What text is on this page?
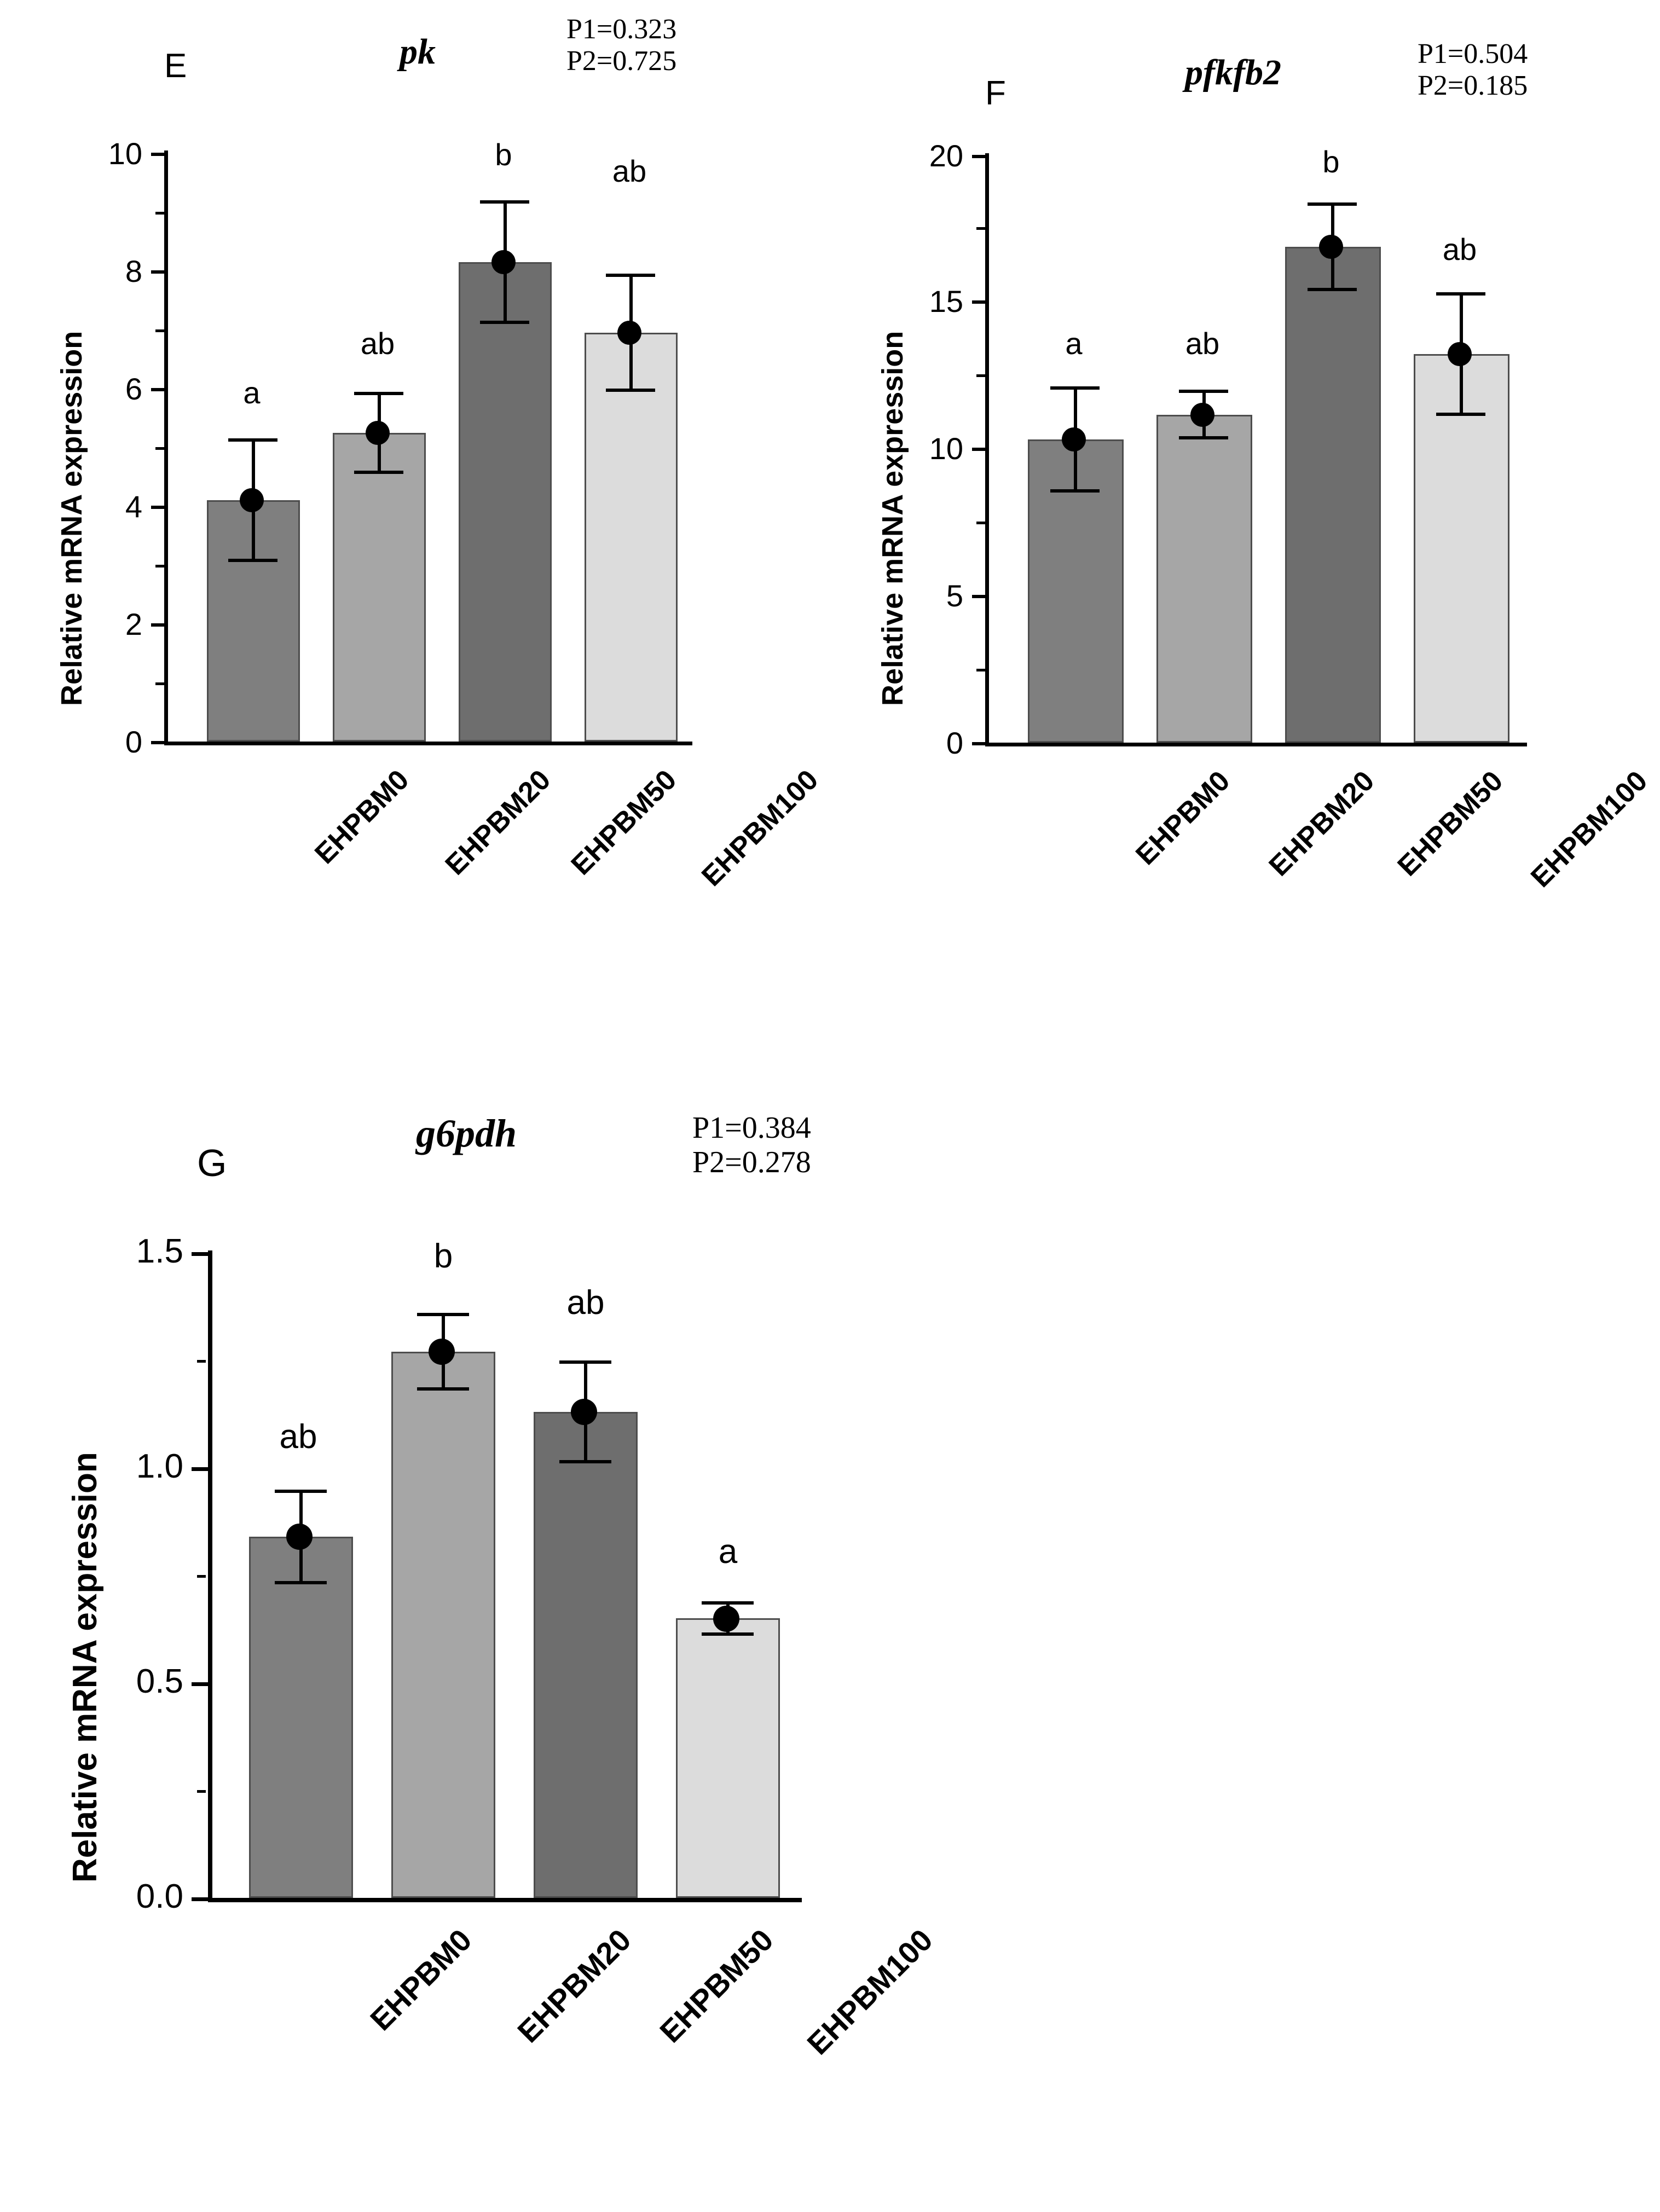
E	pk
P1=0.323
P2=0.725
Relative mRNA expression
0
2
4
6
8
10
a
ab
b	ab
EHPBM0 EHPBM20 EHPBM50 EHPBM100
F
pfkfb2	P1=0.504
P2=0.185
Relative mRNA expression
0
5
10
15
20
a	ab
b
ab
EHPBM0 EHPBM20 EHPBM50 EHPBM100
G
g6pdh	P1=0.384
P2=0.278
Relative mRNA expression
0.0
0.5
1.0
1.5
ab
b
ab
a
EHPBM0 EHPBM20 EHPBM50 EHPBM100
